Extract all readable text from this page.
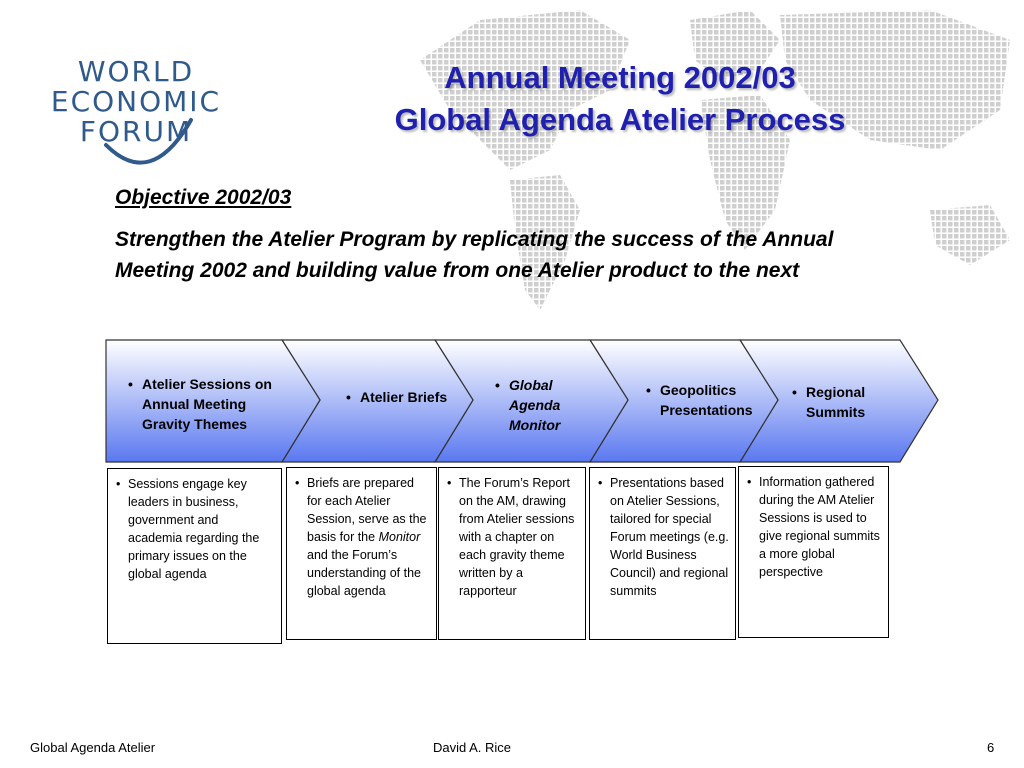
WORLD
ECONOMIC
FORUM
Annual Meeting 2002/03
Global Agenda Atelier Process
Objective 2002/03
Strengthen the Atelier Program by replicating the success of the Annual Meeting 2002 and building value from one Atelier product to the next
• Atelier Sessions on Annual Meeting Gravity Themes
• Atelier Briefs
• Global Agenda Monitor
• Geopolitics Presentations
• Regional Summits
• Sessions engage key leaders in business, government and academia regarding the primary issues on the global agenda
• Briefs are prepared for each Atelier Session, serve as the basis for the Monitor and the Forum’s understanding of the global agenda
• The Forum’s Report on the AM, drawing from Atelier sessions with a chapter on each gravity theme written by a rapporteur
• Presentations based on Atelier Sessions, tailored for special Forum meetings (e.g. World Business Council) and regional summits
• Information gathered during the AM Atelier Sessions is used to give regional summits a more global perspective
Global Agenda Atelier	David A. Rice	6
